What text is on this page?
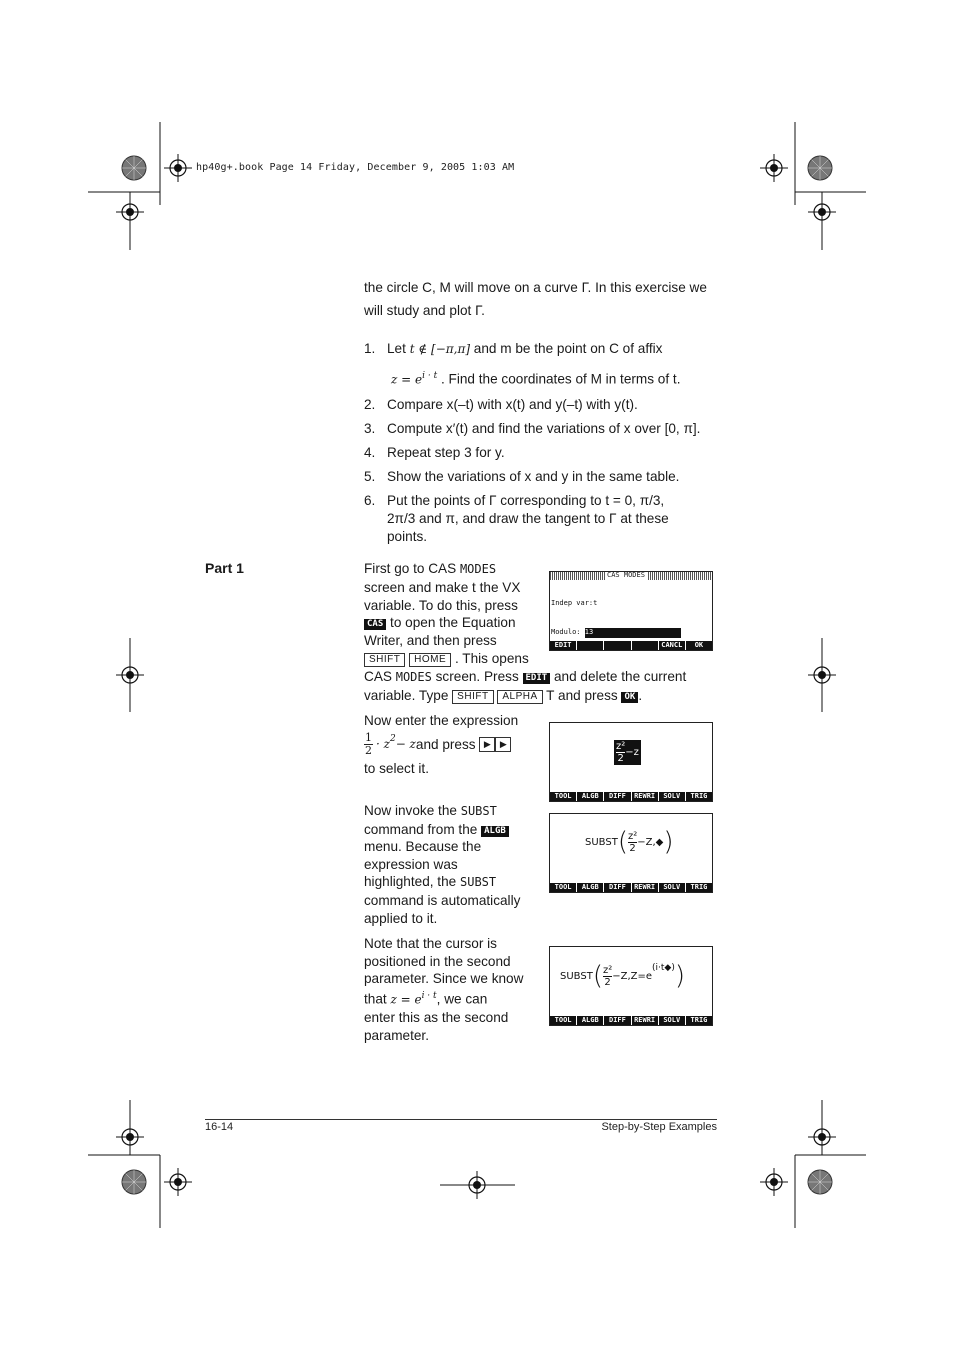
hp40g+.book Page 14 Friday, December 9, 2005 1:03 AM
the circle C, M will move on a curve Γ. In this exercise we
will study and plot Γ.
1. Let t ∉ [−π,π] and m be the point on C of affix
$z = e^{i \cdot t}$ . Find the coordinates of M in terms of t.
2. Compare x(–t) with x(t) and y(–t) with y(t).
3. Compute x′(t) and find the variations of x over [0, π].
4. Repeat step 3 for y.
5. Show the variations of x and y in the same table.
6. Put the points of Γ corresponding to t = 0, π/3,
2π/3 and π, and draw the tangent to Γ at these
points.
Part 1	First go to CAS MODES
screen and make t the VX
variable. To do this, press
CAS to open the Equation
Writer, and then press
SHIFT HOME . This opens
CAS MODES screen. Press EDIT and delete the current
variable. Type SHIFT ALPHA T and press OK .
CAS MODES

Indep var:t

Modulo: 13

EDIT	CANCL	OK
Now enter the expression
1
$2 \cdot z^2 - z$ and press
▶	▶
to select it.
z²
2
−z
TOOL	ALGB	DIFF	REWRI	SOLV	TRIG
Now invoke the SUBST
command from the ALGB
menu. Because the
expression was
highlighted, the SUBST
command is automatically
applied to it.
SUBST ( z²
2
−Z,◆ )
TOOL	ALGB	DIFF	REWRI	SOLV	TRIG
Note that the cursor is
positioned in the second
parameter. Since we know
that $z = e^{i \cdot t}$, we can
enter this as the second
parameter.
SUBST ( z²
2
−Z,Z=e
$^{(i\cdot t◆)}$ )
TOOL	ALGB	DIFF	REWRI	SOLV	TRIG
16-14	Step-by-Step Examples
